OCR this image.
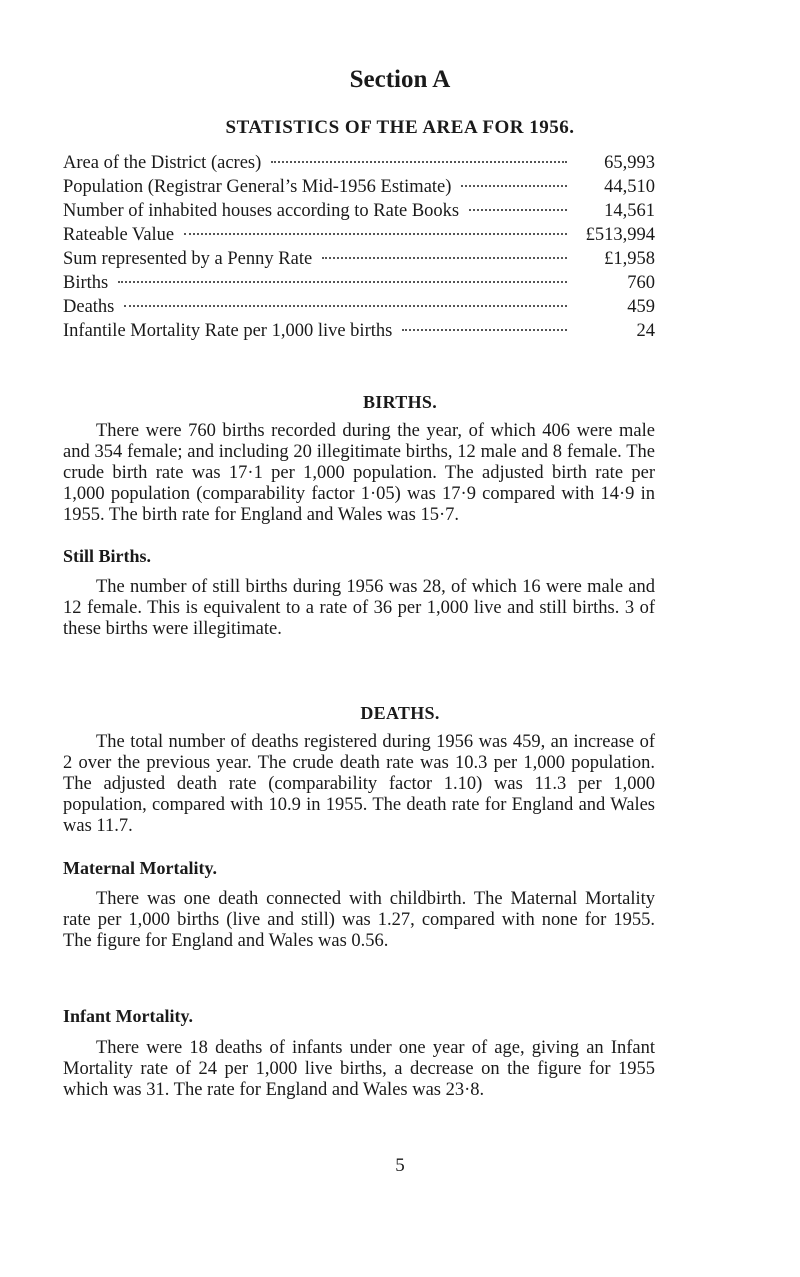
Section A
STATISTICS OF THE AREA FOR 1956.
Area of the District (acres)	65,993
Population (Registrar General’s Mid-1956 Estimate)	44,510
Number of inhabited houses according to Rate Books	14,561
Rateable Value	£513,994
Sum represented by a Penny Rate	£1,958
Births	760
Deaths	459
Infantile Mortality Rate per 1,000 live births	24
BIRTHS.

There were 760 births recorded during the year, of which 406 were male and 354 female; and including 20 illegitimate births, 12 male and 8 female. The crude birth rate was 17·1 per 1,000 population. The adjusted birth rate per 1,000 population (comparability factor 1·05) was 17·9 compared with 14·9 in 1955. The birth rate for England and Wales was 15·7.

Still Births.

The number of still births during 1956 was 28, of which 16 were male and 12 female. This is equivalent to a rate of 36 per 1,000 live and still births. 3 of these births were illegitimate.

DEATHS.

The total number of deaths registered during 1956 was 459, an increase of 2 over the previous year. The crude death rate was 10.3 per 1,000 population. The adjusted death rate (comparability factor 1.10) was 11.3 per 1,000 population, compared with 10.9 in 1955. The death rate for England and Wales was 11.7.

Maternal Mortality.

There was one death connected with childbirth. The Maternal Mortality rate per 1,000 births (live and still) was 1.27, compared with none for 1955. The figure for England and Wales was 0.56.

Infant Mortality.

There were 18 deaths of infants under one year of age, giving an Infant Mortality rate of 24 per 1,000 live births, a decrease on the figure for 1955 which was 31. The rate for England and Wales was 23·8.

5
